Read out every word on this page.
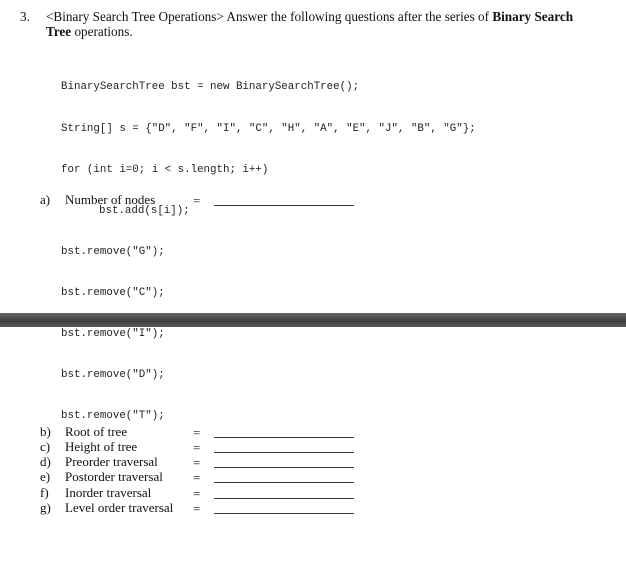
3. <Binary Search Tree Operations> Answer the following questions after the series of Binary Search
Tree operations.

BinarySearchTree bst = new BinarySearchTree();

String[] s = {"D", "F", "I", "C", "H", "A", "E", "J", "B", "G"};

for (int i=0; i < s.length; i++)

bst.add(s[i]);

bst.remove("G");

bst.remove("C");

bst.remove("I");

bst.remove("D");

bst.remove("T");

a)	Number of nodes	=
b)	Root of tree	=
c)	Height of tree	=
d)	Preorder traversal	=
e)	Postorder traversal =
f)	Inorder traversal	=
g)	Level order traversal =
